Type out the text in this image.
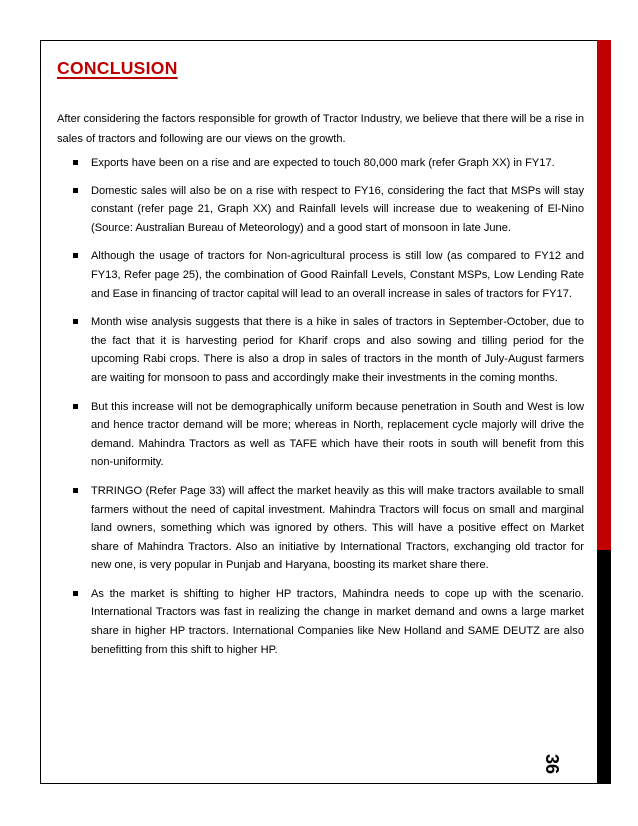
CONCLUSION
After considering the factors responsible for growth of Tractor Industry, we believe that there will be a rise in sales of tractors and following are our views on the growth.
Exports have been on a rise and are expected to touch 80,000 mark (refer Graph XX) in FY17.
Domestic sales will also be on a rise with respect to FY16, considering the fact that MSPs will stay constant (refer page 21, Graph XX) and Rainfall levels will increase due to weakening of El-Nino (Source: Australian Bureau of Meteorology) and a good start of monsoon in late June.
Although the usage of tractors for Non-agricultural process is still low (as compared to FY12 and FY13, Refer page 25), the combination of Good Rainfall Levels, Constant MSPs, Low Lending Rate and Ease in financing of tractor capital will lead to an overall increase in sales of tractors for FY17.
Month wise analysis suggests that there is a hike in sales of tractors in September-October, due to the fact that it is harvesting period for Kharif crops and also sowing and tilling period for the upcoming Rabi crops. There is also a drop in sales of tractors in the month of July-August farmers are waiting for monsoon to pass and accordingly make their investments in the coming months.
But this increase will not be demographically uniform because penetration in South and West is low and hence tractor demand will be more; whereas in North, replacement cycle majorly will drive the demand. Mahindra Tractors as well as TAFE which have their roots in south will benefit from this non-uniformity.
TRRINGO (Refer Page 33) will affect the market heavily as this will make tractors available to small farmers without the need of capital investment. Mahindra Tractors will focus on small and marginal land owners, something which was ignored by others. This will have a positive effect on Market share of Mahindra Tractors. Also an initiative by International Tractors, exchanging old tractor for new one, is very popular in Punjab and Haryana, boosting its market share there.
As the market is shifting to higher HP tractors, Mahindra needs to cope up with the scenario. International Tractors was fast in realizing the change in market demand and owns a large market share in higher HP tractors. International Companies like New Holland and SAME DEUTZ are also benefitting from this shift to higher HP.
36
